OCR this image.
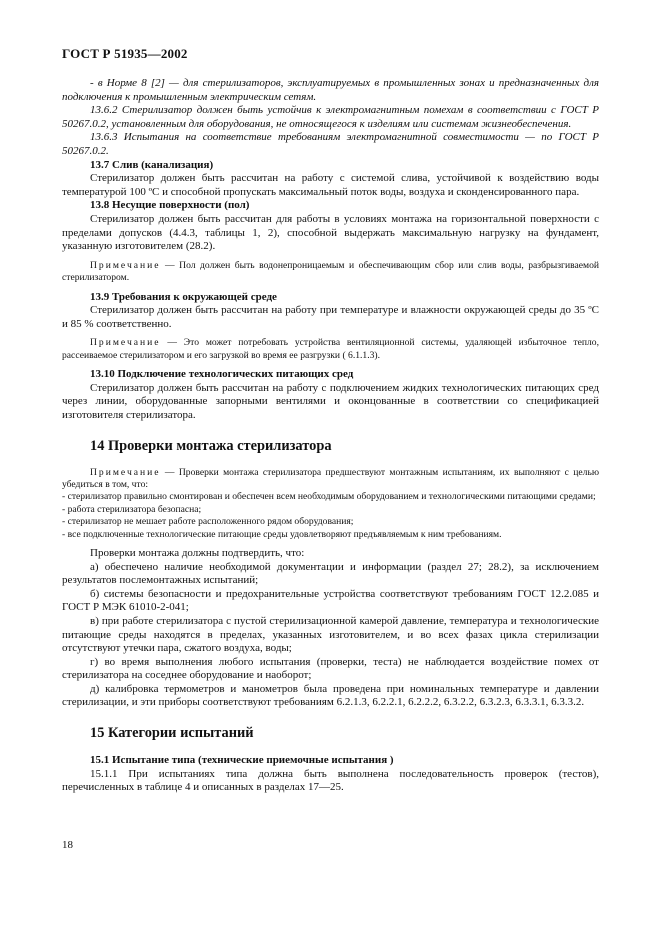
ГОСТ Р 51935—2002

- в Норме 8 [2] — для стерилизаторов, эксплуатируемых в промышленных зонах и предназначенных для подключения к промышленным электрическим сетям.

13.6.2 Стерилизатор должен быть устойчив к электромагнитным помехам в соответствии с ГОСТ Р 50267.0.2, установленным для оборудования, не относящегося к изделиям или системам жизнеобеспечения.

13.6.3 Испытания на соответствие требованиям электромагнитной совместимости — по ГОСТ Р 50267.0.2.

13.7 Слив (канализация)

Стерилизатор должен быть рассчитан на работу с системой слива, устойчивой к воздействию воды температурой 100 ºС и способной пропускать максимальный поток воды, воздуха и сконденсированного пара.

13.8 Несущие поверхности (пол)

Стерилизатор должен быть рассчитан для работы в условиях монтажа на горизонтальной поверхности с пределами допусков (4.4.3, таблицы 1, 2), способной выдержать максимальную нагрузку на фундамент, указанную изготовителем (28.2).

Примечание — Пол должен быть водонепроницаемым и обеспечивающим сбор или слив воды, разбрызгиваемой стерилизатором.

13.9 Требования к окружающей среде

Стерилизатор должен быть рассчитан на работу при температуре и влажности окружающей среды до 35 ºС и 85 % соответственно.

Примечание — Это может потребовать устройства вентиляционной системы, удаляющей избыточное тепло, рассеиваемое стерилизатором и его загрузкой во время ее разгрузки ( 6.1.1.3).

13.10 Подключение технологических питающих сред

Стерилизатор должен быть рассчитан на работу с подключением жидких технологических питающих сред через линии, оборудованные запорными вентилями и оконцованные в соответствии со спецификацией изготовителя стерилизатора.

14 Проверки монтажа стерилизатора

Примечание — Проверки монтажа стерилизатора предшествуют монтажным испытаниям, их выполняют с целью убедиться в том, что:

- стерилизатор правильно смонтирован и обеспечен всем необходимым оборудованием и технологическими питающими средами;

- работа стерилизатора безопасна;

- стерилизатор не мешает работе расположенного рядом оборудования;

- все подключенные технологические питающие среды удовлетворяют предъявляемым к ним требованиям.

Проверки монтажа должны подтвердить, что:

а) обеспечено наличие необходимой документации и информации (раздел 27; 28.2), за исключением результатов послемонтажных испытаний;

б) системы безопасности и предохранительные устройства соответствуют требованиям ГОСТ 12.2.085 и ГОСТ Р МЭК 61010-2-041;

в) при работе стерилизатора с пустой стерилизационной камерой давление, температура и технологические питающие среды находятся в пределах, указанных изготовителем, и во всех фазах цикла стерилизации отсутствуют утечки пара, сжатого воздуха, воды;

г) во время выполнения любого испытания (проверки, теста) не наблюдается воздействие помех от стерилизатора на соседнее оборудование и наоборот;

д) калибровка термометров и манометров была проведена при номинальных температуре и давлении стерилизации, и эти приборы соответствуют требованиям 6.2.1.3, 6.2.2.1, 6.2.2.2, 6.3.2.2, 6.3.2.3, 6.3.3.1, 6.3.3.2.

15 Категории испытаний

15.1 Испытание типа (технические приемочные испытания )

15.1.1 При испытаниях типа должна быть выполнена последовательность проверок (тестов), перечисленных в таблице 4 и описанных в разделах 17—25.

18
